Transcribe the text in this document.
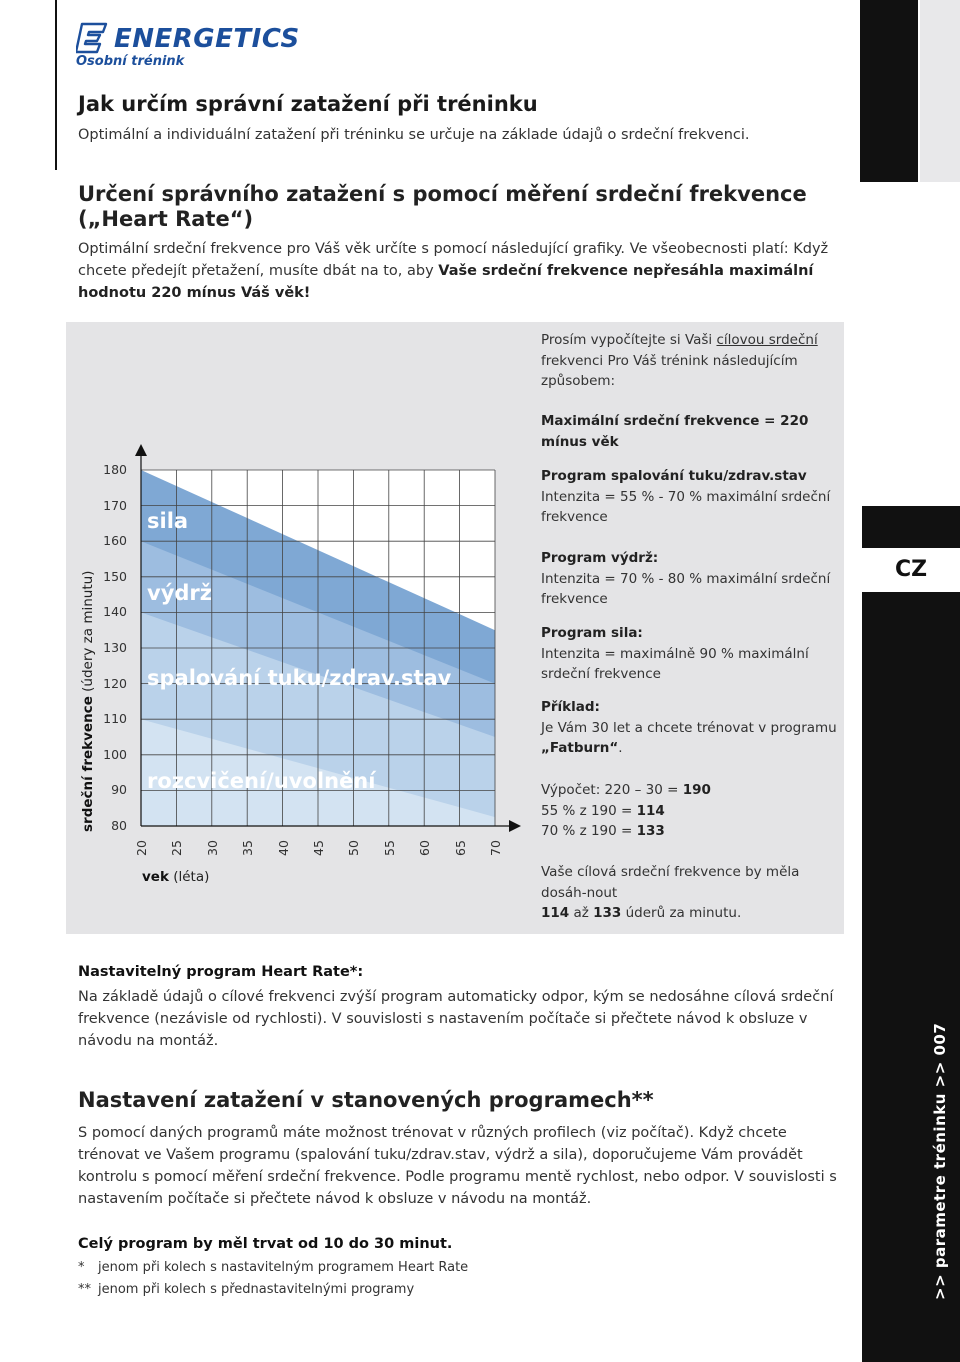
CZ
>> parametre tréninku >> 007
ENERGETICS
Osobní trénink
Jak určím správní zatažení při tréninku
Optimální a individuální zatažení při tréninku se určuje na základe údajů o srdeční frekvenci.
Určení správního zatažení s pomocí měření srdeční frekvence
(„Heart Rate“)
Optimální srdeční frekvence pro Váš věk určíte s pomocí následující grafiky. Ve všeobecnosti platí: Když chcete předejít přetažení, musíte dbát na to, aby Vaše srdeční frekvence nepřesáhla maximální hodnotu 220 mínus Váš věk!
80
90
100
110
120
130
140
150
160
170
180
20 25 30 35 40 45 50 55 60 65 70
sila
výdrž
spalování tuku/zdrav.stav
rozcvičení/uvolnění
srdeční frekvence (údery za minutu)
vek (léta)
Prosím vypočítejte si Vaši cílovou srdeční
frekvenci Pro Váš trénink následujícím způsobem:
Maximální srdeční frekvence = 220 mínus věk
Program spalování tuku/zdrav.stav
Intenzita = 55 % - 70 % maximální srdeční frekvence
Program výdrž:
Intenzita = 70 % - 80 % maximální srdeční frekvence
Program sila:
Intenzita = maximálně 90 % maximální srdeční frekvence
Příklad:
Je Vám 30 let a chcete trénovat v programu „Fatburn“.
Výpočet: 220 – 30 = 190
55 % z 190 = 114
70 % z 190 = 133
Vaše cílová srdeční frekvence by měla dosáh-nout
114 až 133 úderů za minutu.
Nastavitelný program Heart Rate*:
Na základě údajů o cílové frekvenci zvýší program automaticky odpor, kým se nedosáhne cílová srdeční frekvence (nezávisle od rychlosti). V souvislosti s nastavením počítače si přečtete návod k obsluze v návodu na montáž.
Nastavení zatažení v stanovených programech**
S pomocí daných programů máte možnost trénovat v různých profilech (viz počítač). Když chcete trénovat ve Vašem programu (spalování tuku/zdrav.stav, výdrž a sila), doporučujeme Vám provádět kontrolu s pomocí měření srdeční frekvence. Podle programu mentě rychlost, nebo odpor. V souvislosti s nastavením počítače si přečtete návod k obsluze v návodu na montáž.
Celý program by měl trvat od 10 do 30 minut.
* jenom při kolech s nastavitelným programem Heart Rate
** jenom při kolech s přednastavitelnými programy
